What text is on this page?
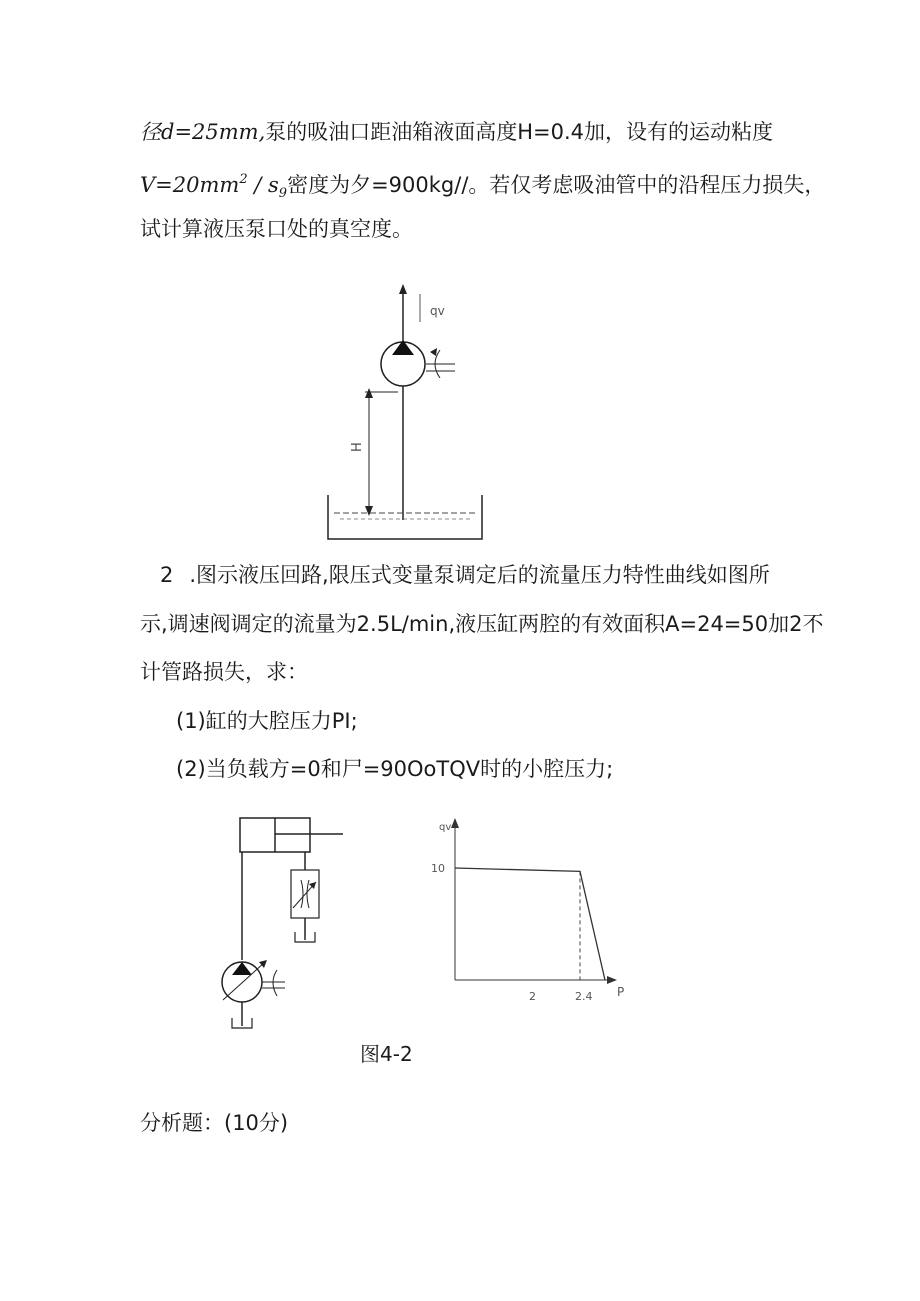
径d=25mm,泵的吸油口距油箱液面高度H=0.4加，设有的运动粘度
$V=20mm^2 / s_9$密度为夕=900kg//。若仅考虑吸油管中的沿程压力损失，
试计算液压泵口处的真空度。
qv
H
2 .图示液压回路,限压式变量泵调定后的流量压力特性曲线如图所
示,调速阀调定的流量为2.5L/min,液压缸两腔的有效面积A=24=50加2不
计管路损失，求：
(1)缸的大腔压力PI;
(2)当负载方=0和尸=90OoTQV时的小腔压力;
qv
P
10
2	2.4
图4-2
分析题：(10分)
